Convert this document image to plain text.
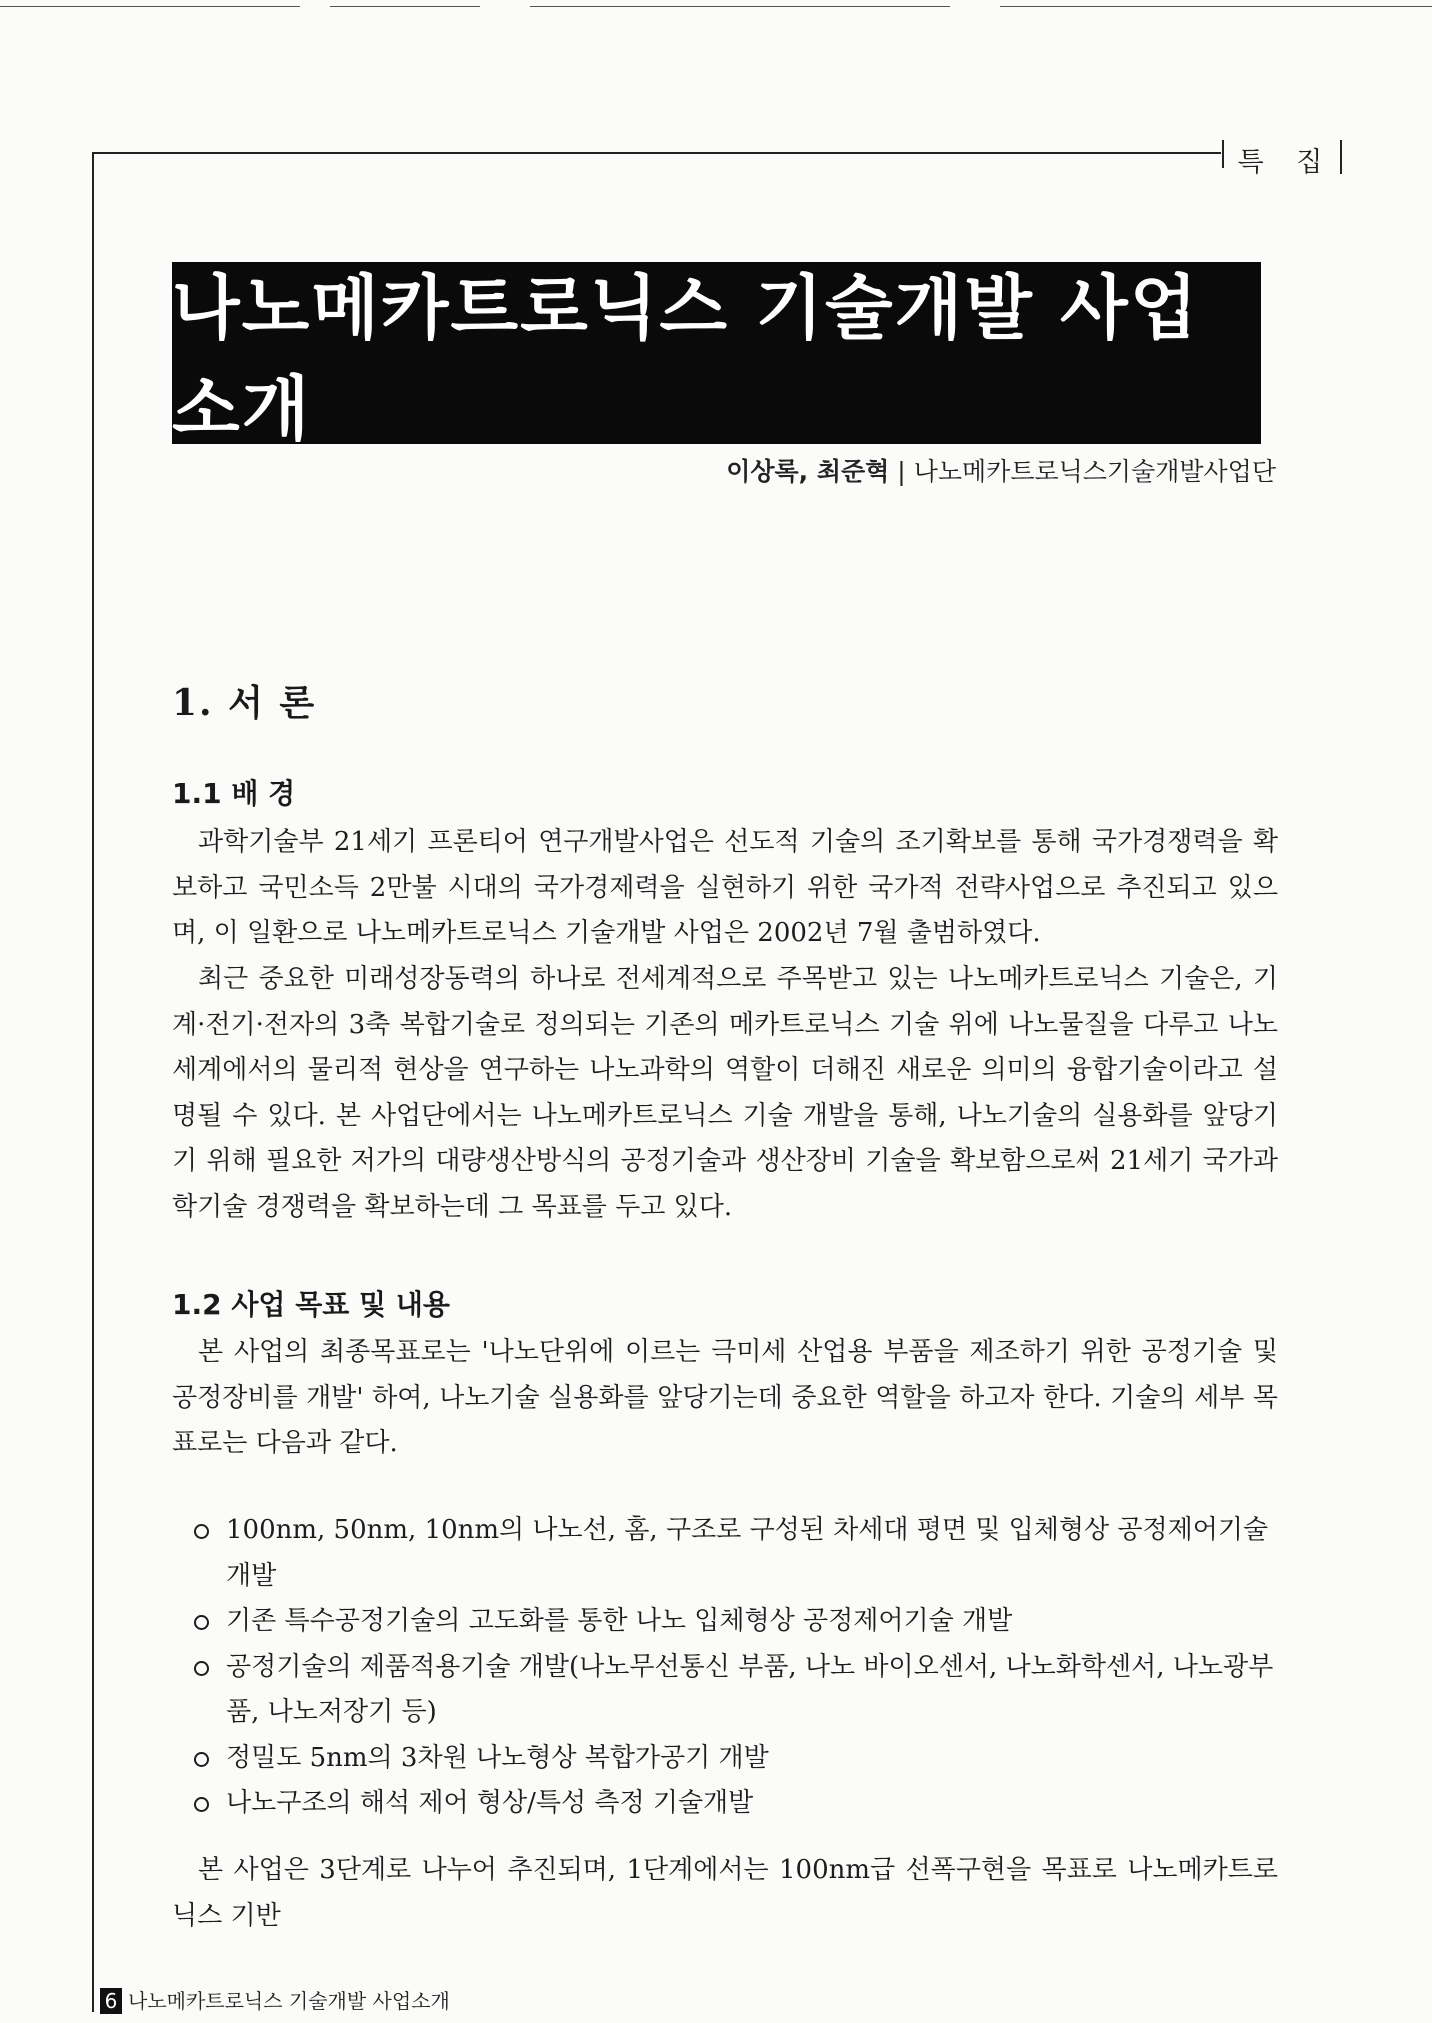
특 집
나노메카트로닉스 기술개발 사업 소개
이상록, 최준혁 | 나노메카트로닉스기술개발사업단
1. 서 론
1.1 배 경
과학기술부 21세기 프론티어 연구개발사업은 선도적 기술의 조기확보를 통해 국가경쟁력을 확보하고 국민소득 2만불 시대의 국가경제력을 실현하기 위한 국가적 전략사업으로 추진되고 있으며, 이 일환으로 나노메카트로닉스 기술개발 사업은 2002년 7월 출범하였다.
최근 중요한 미래성장동력의 하나로 전세계적으로 주목받고 있는 나노메카트로닉스 기술은, 기계·전기·전자의 3축 복합기술로 정의되는 기존의 메카트로닉스 기술 위에 나노물질을 다루고 나노세계에서의 물리적 현상을 연구하는 나노과학의 역할이 더해진 새로운 의미의 융합기술이라고 설명될 수 있다. 본 사업단에서는 나노메카트로닉스 기술 개발을 통해, 나노기술의 실용화를 앞당기기 위해 필요한 저가의 대량생산방식의 공정기술과 생산장비 기술을 확보함으로써 21세기 국가과학기술 경쟁력을 확보하는데 그 목표를 두고 있다.
1.2 사업 목표 및 내용
본 사업의 최종목표로는 '나노단위에 이르는 극미세 산업용 부품을 제조하기 위한 공정기술 및 공정장비를 개발' 하여, 나노기술 실용화를 앞당기는데 중요한 역할을 하고자 한다. 기술의 세부 목표로는 다음과 같다.
100nm, 50nm, 10nm의 나노선, 홈, 구조로 구성된 차세대 평면 및 입체형상 공정제어기술 개발
기존 특수공정기술의 고도화를 통한 나노 입체형상 공정제어기술 개발
공정기술의 제품적용기술 개발(나노무선통신 부품, 나노 바이오센서, 나노화학센서, 나노광부품, 나노저장기 등)
정밀도 5nm의 3차원 나노형상 복합가공기 개발
나노구조의 해석 제어 형상/특성 측정 기술개발
본 사업은 3단계로 나누어 추진되며, 1단계에서는 100nm급 선폭구현을 목표로 나노메카트로닉스 기반
6 나노메카트로닉스 기술개발 사업소개
